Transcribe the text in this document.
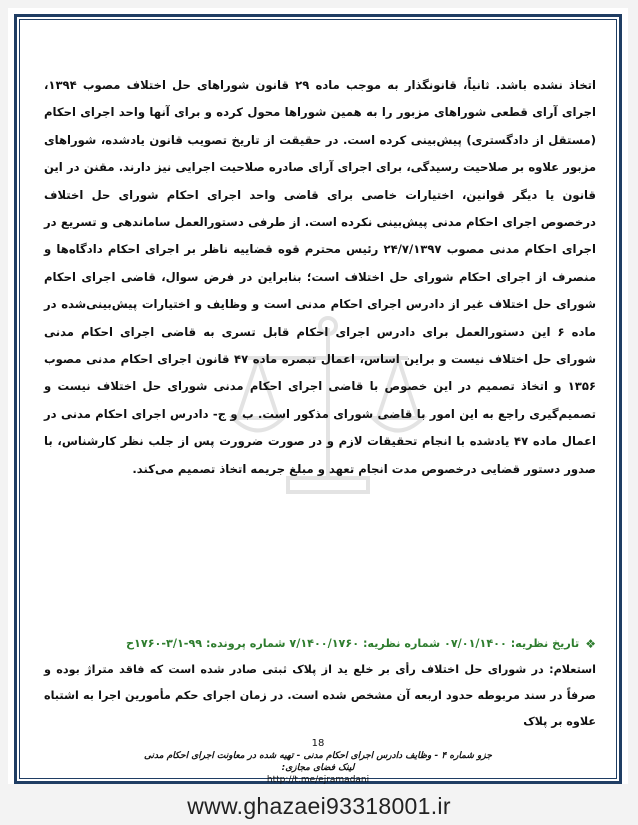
اتخاذ نشده باشد. ثانیاً، قانونگذار به موجب ماده ۲۹ قانون شوراهای حل اختلاف مصوب ۱۳۹۴، اجرای آرای قطعی شوراهای مزبور را به همین شوراها محول کرده و برای آنها واحد اجرای احکام (مستقل از دادگستری) پیش‌بینی کرده است. در حقیقت از تاریخ تصویب قانون یادشده، شوراهای مزبور علاوه بر صلاحیت رسیدگی، برای اجرای آرای صادره صلاحیت اجرایی نیز دارند. مقنن در این قانون یا دیگر قوانین، اختیارات خاصی برای قاضی واحد اجرای احکام شورای حل اختلاف درخصوص اجرای احکام مدنی پیش‌بینی نکرده است. از طرفی دستورالعمل ساماندهی و تسریع در اجرای احکام مدنی مصوب ۲۴/۷/۱۳۹۷ رئیس محترم قوه قضاییه ناظر بر اجرای احکام دادگاه‌ها و منصرف از اجرای احکام شورای حل اختلاف است؛ بنابراین در فرض سوال، قاضی اجرای احکام شورای حل اختلاف غیر از دادرس اجرای احکام مدنی است و وظایف و اختیارات پیش‌بینی‌شده در ماده ۶ این دستورالعمل برای دادرس اجرای احکام قابل تسری به قاضی اجرای احکام مدنی شورای حل اختلاف نیست و براین اساس، اعمال تبصره ماده ۴۷ قانون اجرای احکام مدنی مصوب ۱۳۵۶ و اتخاذ تصمیم در این خصوص با قاضی اجرای احکام مدنی شورای حل اختلاف نیست و تصمیم‌گیری راجع به این امور با قاضی شورای مذکور است. ب و ج- دادرس اجرای احکام مدنی در اعمال ماده ۴۷ یادشده با انجام تحقیقات لازم و در صورت ضرورت پس از جلب نظر کارشناس، با صدور دستور قضایی درخصوص مدت انجام تعهد و مبلغ جریمه اتخاذ تصمیم می‌کند.

❖
تاریخ نظریه: ۰۷/۰۱/۱۴۰۰ شماره نظریه: ۷/۱۴۰۰/۱۷۶۰ شماره پرونده: ۹۹-۳/۱-۱۷۶۰ح
استعلام: در شورای حل اختلاف رأی بر خلع ید از پلاک ثبتی صادر شده است که فاقد متراژ بوده و صرفاً در سند مربوطه حدود اربعه آن مشخص شده است. در زمان اجرای حکم مأمورین اجرا به اشتباه علاوه بر پلاک
18
جزو شماره ۴ - وظایف دادرس اجرای احکام مدنی - تهیه شده در معاونت اجرای احکام مدنی
لینک فضای مجازی:
http://t.me/ejramadani
www.ghazaei93318001.ir
